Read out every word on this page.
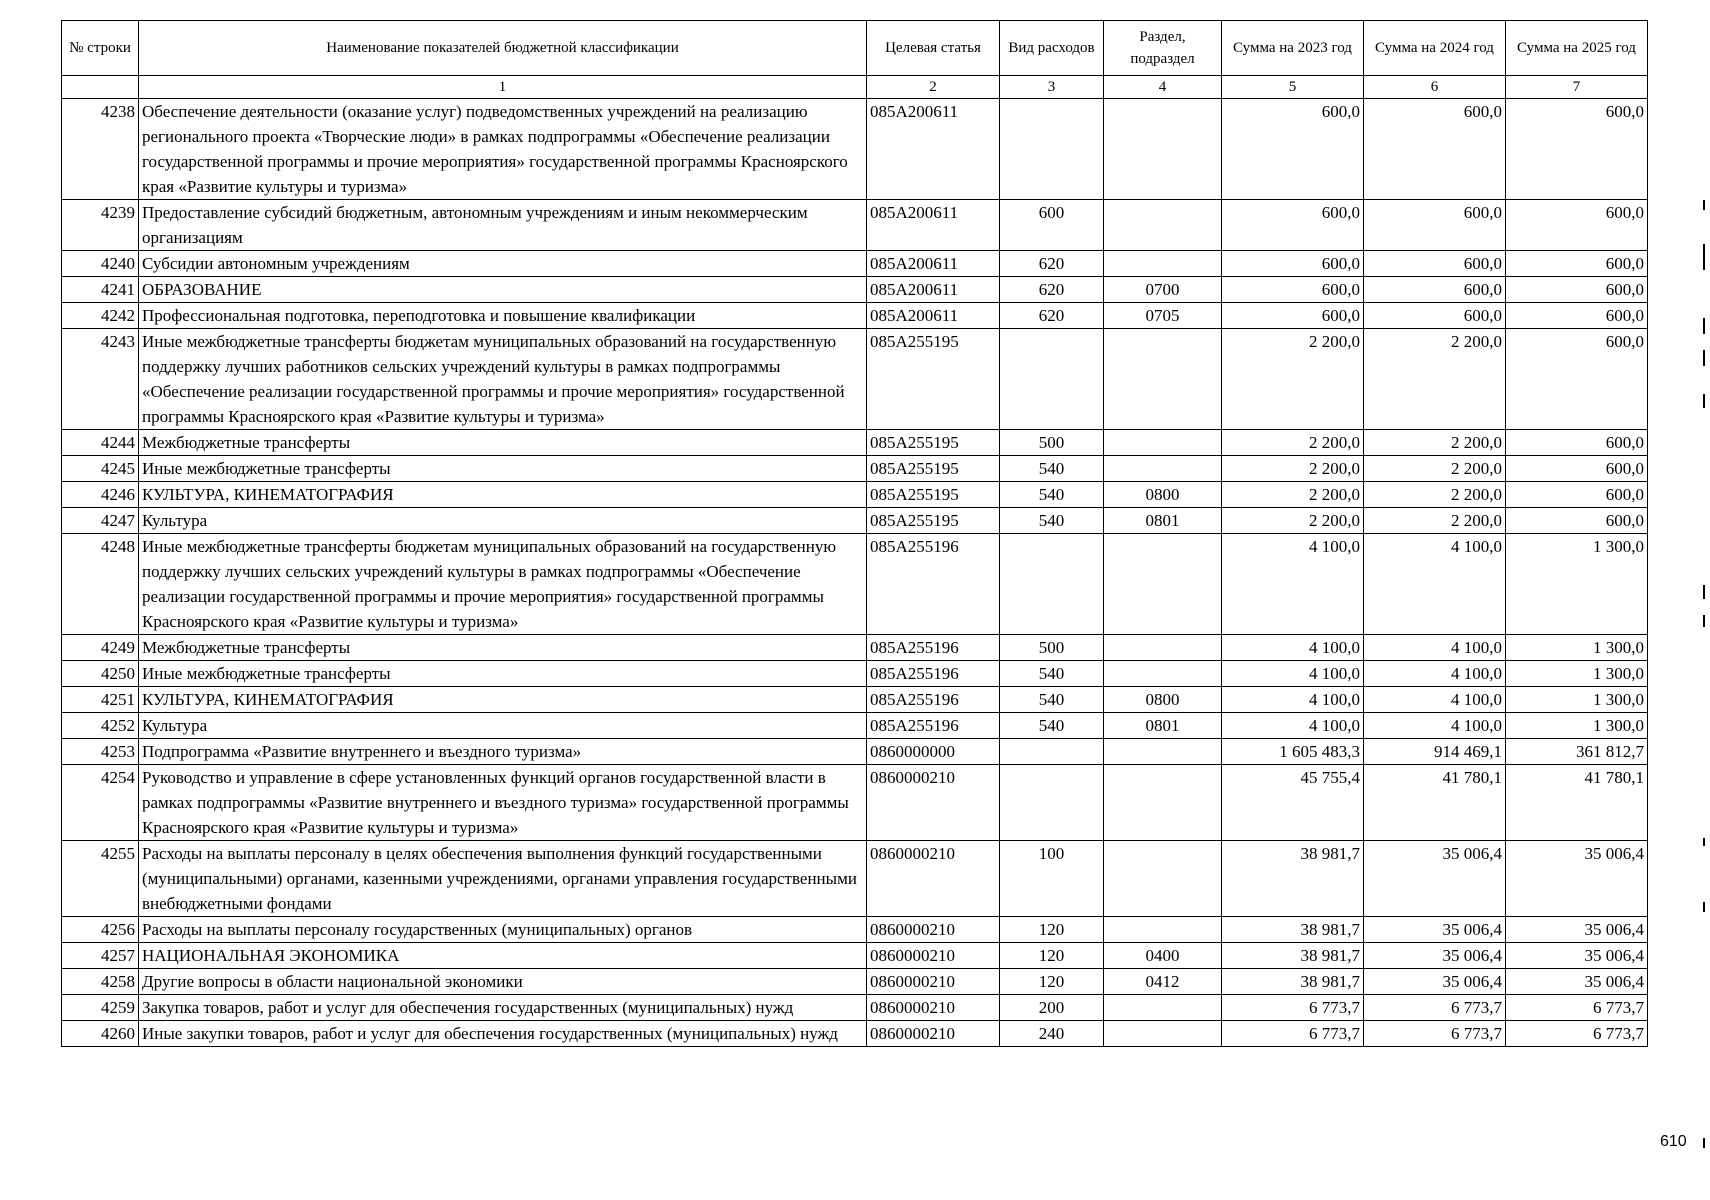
№ строки	Наименование показателей бюджетной классификации	Целевая статья	Вид расходов	Раздел, подраздел	Сумма на 2023 год	Сумма на 2024 год	Сумма на 2025 год
	1	2	3	4	5	6	7
4238	Обеспечение деятельности (оказание услуг) подведомственных учреждений на реализацию регионального проекта «Творческие люди» в рамках подпрограммы «Обеспечение реализации государственной программы и прочие мероприятия» государственной программы Красноярского края «Развитие культуры и туризма»	085A200611			600,0	600,0	600,0
4239	Предоставление субсидий бюджетным, автономным учреждениям и иным некоммерческим организациям	085A200611	600		600,0	600,0	600,0
4240	Субсидии автономным учреждениям	085A200611	620		600,0	600,0	600,0
4241	ОБРАЗОВАНИЕ	085A200611	620	0700	600,0	600,0	600,0
4242	Профессиональная подготовка, переподготовка и повышение квалификации	085A200611	620	0705	600,0	600,0	600,0
4243	Иные межбюджетные трансферты бюджетам муниципальных образований на государственную поддержку лучших работников сельских учреждений культуры в рамках подпрограммы «Обеспечение реализации государственной программы и прочие мероприятия» государственной программы Красноярского края «Развитие культуры и туризма»	085A255195			2 200,0	2 200,0	600,0
4244	Межбюджетные трансферты	085A255195	500		2 200,0	2 200,0	600,0
4245	Иные межбюджетные трансферты	085A255195	540		2 200,0	2 200,0	600,0
4246	КУЛЬТУРА, КИНЕМАТОГРАФИЯ	085A255195	540	0800	2 200,0	2 200,0	600,0
4247	Культура	085A255195	540	0801	2 200,0	2 200,0	600,0
4248	Иные межбюджетные трансферты бюджетам муниципальных образований на государственную поддержку лучших сельских учреждений культуры в рамках подпрограммы «Обеспечение реализации государственной программы и прочие мероприятия» государственной программы Красноярского края «Развитие культуры и туризма»	085A255196			4 100,0	4 100,0	1 300,0
4249	Межбюджетные трансферты	085A255196	500		4 100,0	4 100,0	1 300,0
4250	Иные межбюджетные трансферты	085A255196	540		4 100,0	4 100,0	1 300,0
4251	КУЛЬТУРА, КИНЕМАТОГРАФИЯ	085A255196	540	0800	4 100,0	4 100,0	1 300,0
4252	Культура	085A255196	540	0801	4 100,0	4 100,0	1 300,0
4253	Подпрограмма «Развитие внутреннего и въездного туризма»	0860000000			1 605 483,3	914 469,1	361 812,7
4254	Руководство и управление в сфере установленных функций органов государственной власти в рамках подпрограммы «Развитие внутреннего и въездного туризма» государственной программы Красноярского края «Развитие культуры и туризма»	0860000210			45 755,4	41 780,1	41 780,1
4255	Расходы на выплаты персоналу в целях обеспечения выполнения функций государственными (муниципальными) органами, казенными учреждениями, органами управления государственными внебюджетными фондами	0860000210	100		38 981,7	35 006,4	35 006,4
4256	Расходы на выплаты персоналу государственных (муниципальных) органов	0860000210	120		38 981,7	35 006,4	35 006,4
4257	НАЦИОНАЛЬНАЯ ЭКОНОМИКА	0860000210	120	0400	38 981,7	35 006,4	35 006,4
4258	Другие вопросы в области национальной экономики	0860000210	120	0412	38 981,7	35 006,4	35 006,4
4259	Закупка товаров, работ и услуг для обеспечения государственных (муниципальных) нужд	0860000210	200		6 773,7	6 773,7	6 773,7
4260	Иные закупки товаров, работ и услуг для обеспечения государственных (муниципальных) нужд	0860000210	240		6 773,7	6 773,7	6 773,7
610
